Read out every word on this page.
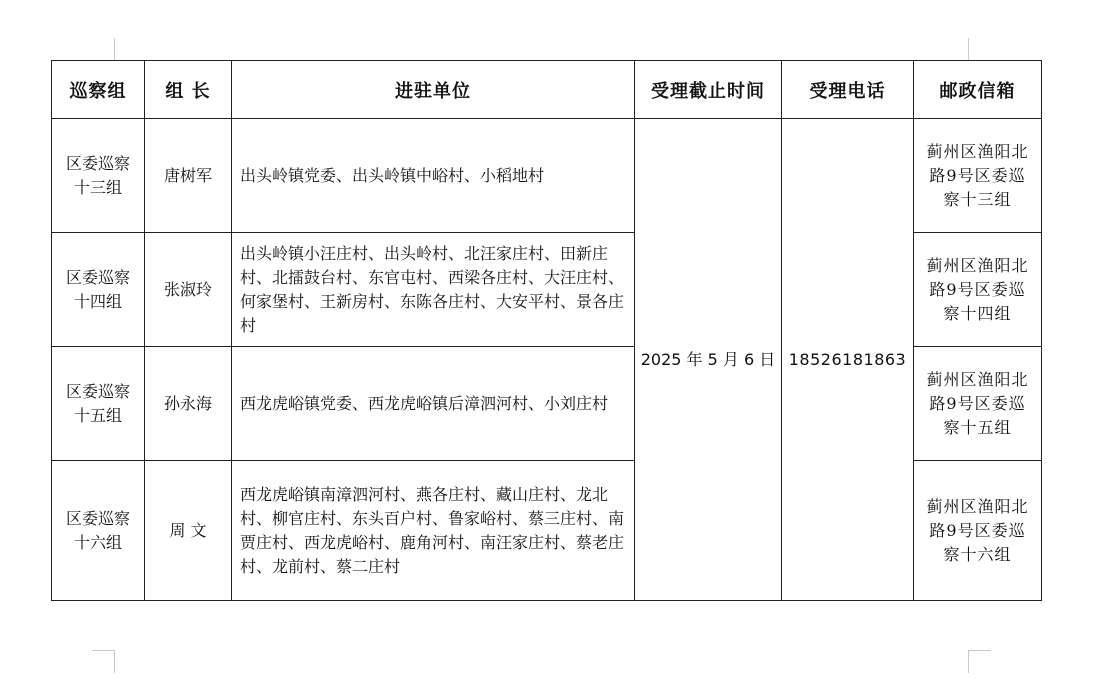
巡察组	组 长	进驻单位	受理截止时间	受理电话	邮政信箱

区委巡察十三组	唐树军	出头岭镇党委、出头岭镇中峪村、小稻地村	2025 年 5 月 6 日	18526181863	蓟州区渔阳北路9号区委巡察十三组

区委巡察十四组	张淑玲	出头岭镇小汪庄村、出头岭村、北汪家庄村、田新庄村、北擂鼓台村、东官屯村、西梁各庄村、大汪庄村、何家堡村、王新房村、东陈各庄村、大安平村、景各庄村			蓟州区渔阳北路9号区委巡察十四组

区委巡察十五组	孙永海	西龙虎峪镇党委、西龙虎峪镇后漳泗河村、小刘庄村			蓟州区渔阳北路9号区委巡察十五组

区委巡察十六组	周 文	西龙虎峪镇南漳泗河村、燕各庄村、藏山庄村、龙北村、柳官庄村、东头百户村、鲁家峪村、蔡三庄村、南贾庄村、西龙虎峪村、鹿角河村、南汪家庄村、蔡老庄村、龙前村、蔡二庄村			蓟州区渔阳北路9号区委巡察十六组
